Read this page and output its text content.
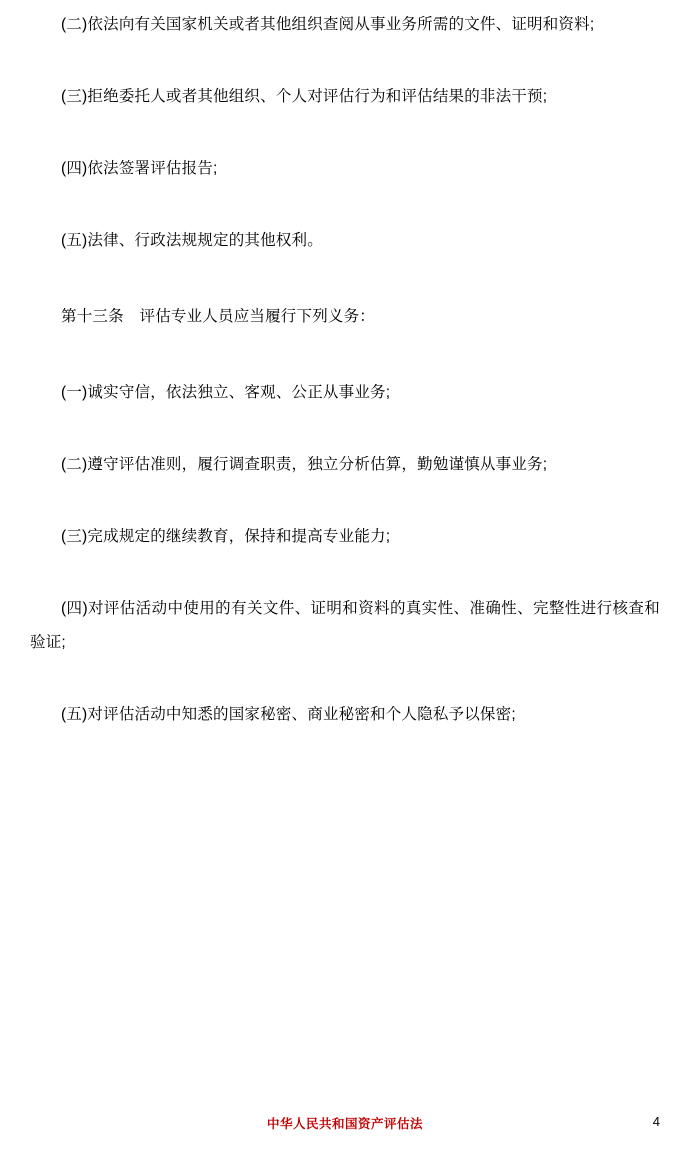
(二)依法向有关国家机关或者其他组织查阅从事业务所需的文件、证明和资料;

(三)拒绝委托人或者其他组织、个人对评估行为和评估结果的非法干预;

(四)依法签署评估报告;

(五)法律、行政法规规定的其他权利。

第十三条　评估专业人员应当履行下列义务：

(一)诚实守信，依法独立、客观、公正从事业务;

(二)遵守评估准则，履行调查职责，独立分析估算，勤勉谨慎从事业务;

(三)完成规定的继续教育，保持和提高专业能力;

(四)对评估活动中使用的有关文件、证明和资料的真实性、准确性、完整性进行核查和验证;

(五)对评估活动中知悉的国家秘密、商业秘密和个人隐私予以保密;

中华人民共和国资产评估法	4
